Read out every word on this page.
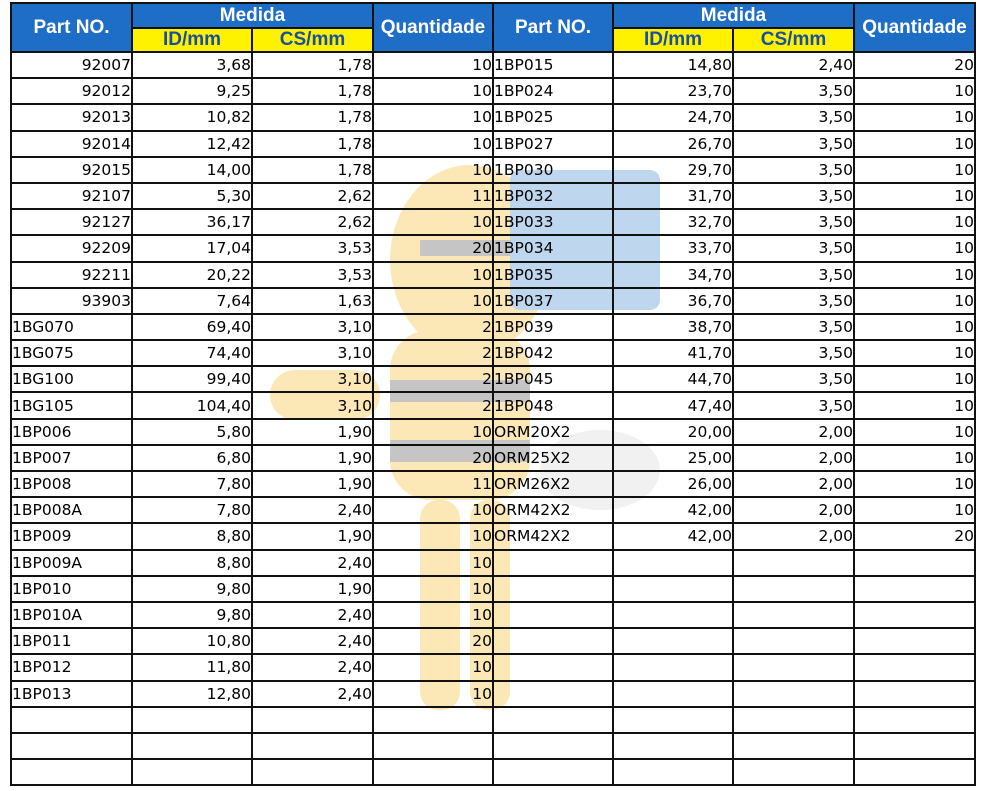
Part NO.	Medida		Quantidade	Part NO.	Medida		Quantidade
	ID/mm	CS/mm			ID/mm	CS/mm	
92007	3,68	1,78	10	1BP015	14,80	2,40	20
92012	9,25	1,78	10	1BP024	23,70	3,50	10
92013	10,82	1,78	10	1BP025	24,70	3,50	10
92014	12,42	1,78	10	1BP027	26,70	3,50	10
92015	14,00	1,78	10	1BP030	29,70	3,50	10
92107	5,30	2,62	11	1BP032	31,70	3,50	10
92127	36,17	2,62	10	1BP033	32,70	3,50	10
92209	17,04	3,53	20	1BP034	33,70	3,50	10
92211	20,22	3,53	10	1BP035	34,70	3,50	10
93903	7,64	1,63	10	1BP037	36,70	3,50	10
1BG070	69,40	3,10	2	1BP039	38,70	3,50	10
1BG075	74,40	3,10	2	1BP042	41,70	3,50	10
1BG100	99,40	3,10	2	1BP045	44,70	3,50	10
1BG105	104,40	3,10	2	1BP048	47,40	3,50	10
1BP006	5,80	1,90	10	ORM20X2	20,00	2,00	10
1BP007	6,80	1,90	20	ORM25X2	25,00	2,00	10
1BP008	7,80	1,90	11	ORM26X2	26,00	2,00	10
1BP008A	7,80	2,40	10	ORM42X2	42,00	2,00	10
1BP009	8,80	1,90	10	ORM42X2	42,00	2,00	20
1BP009A	8,80	2,40	10				
1BP010	9,80	1,90	10				
1BP010A	9,80	2,40	10				
1BP011	10,80	2,40	20				
1BP012	11,80	2,40	10				
1BP013	12,80	2,40	10				
